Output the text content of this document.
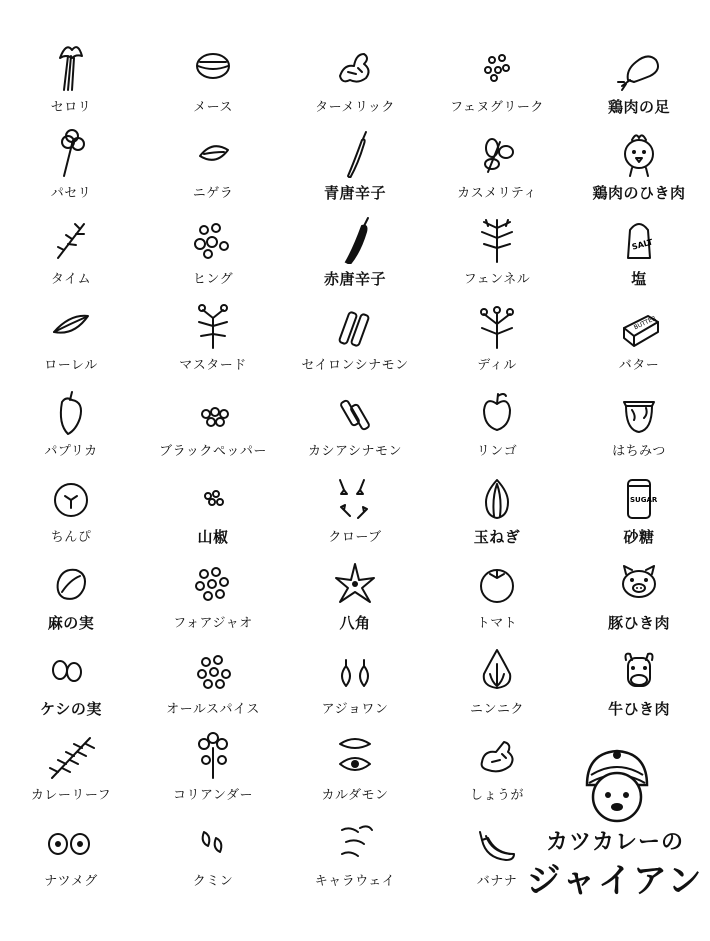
セロリ	メース	ターメリック	フェヌグリーク	鶏肉の足
パセリ	ニゲラ	青唐辛子	カスメリティ	鶏肉のひき肉
タイム	ヒング	赤唐辛子	フェンネル
SALT
塩
ローレル	マスタード	セイロンシナモン	ディル
BUTTER
バター
パプリカ	ブラックペッパー	カシアシナモン	リンゴ	はちみつ
ちんぴ	山椒	クローブ	玉ねぎ
SUGAR
砂糖
麻の実	フォアジャオ	八角	トマト	豚ひき肉
ケシの実	オールスパイス	アジョワン	ニンニク	牛ひき肉
カレーリーフ	コリアンダー	カルダモン	しょうが
ナツメグ	クミン	キャラウェイ	バナナ
カツカレーの
ジャイアン
